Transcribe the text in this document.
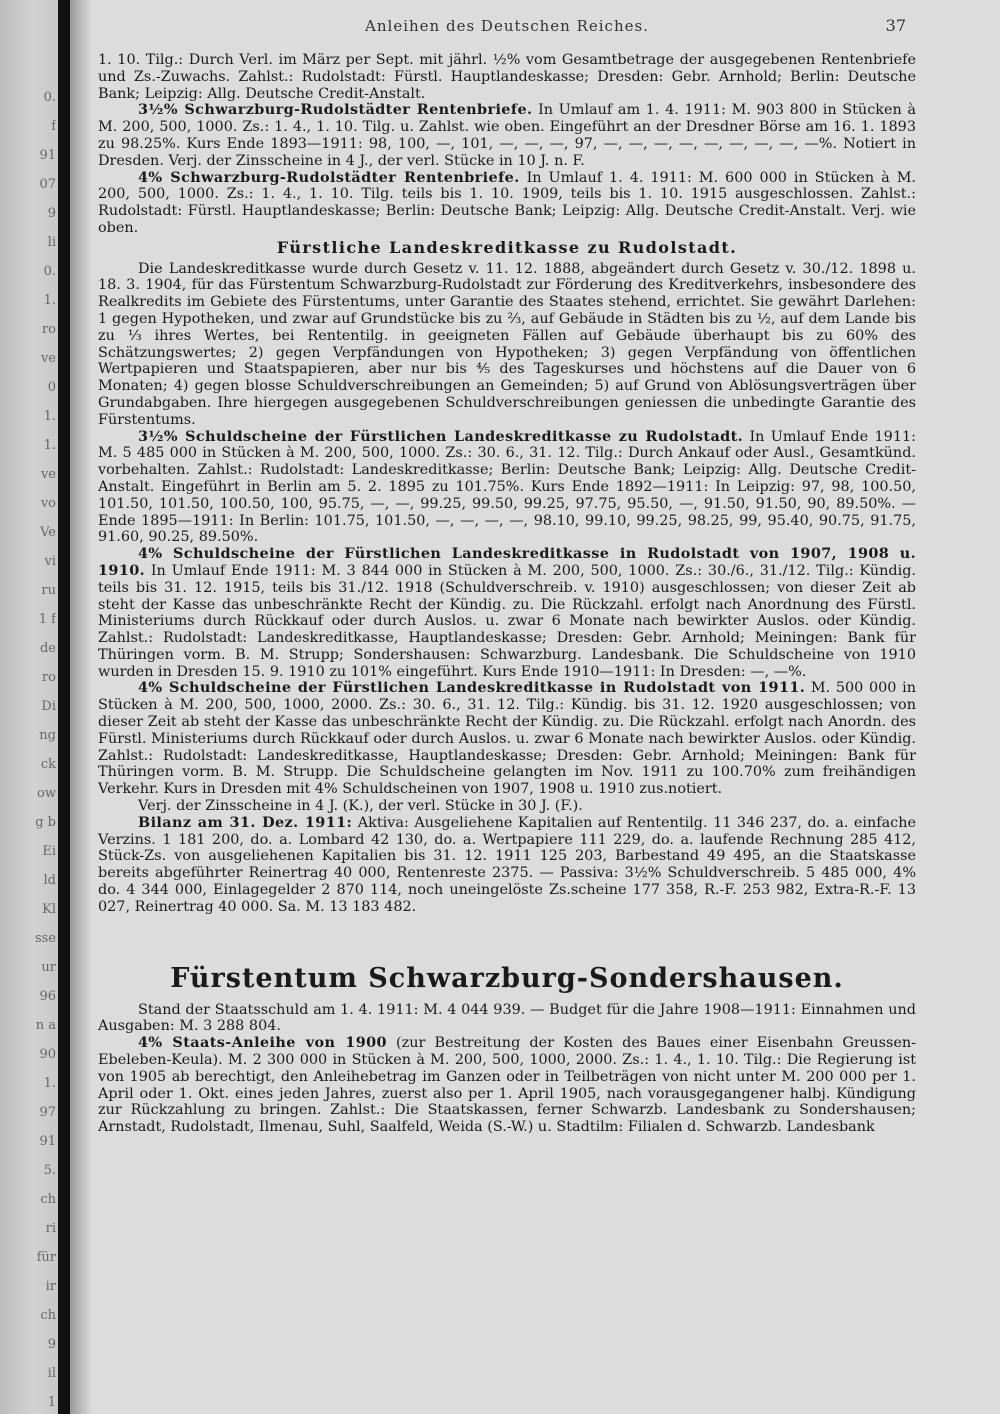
0.
f
91
07
9
li
0.
1.
ro
ve
0
1.
1.
ve
vo
Ve
vi
ru
1 f
de
ro
Di
ng
ck
ow
g b
Ei
ld
Kl
sse
ur
96
n a
90
1.
97
91
5.
ch
ri
für
ir
ch
9
il
1
Anleihen des Deutschen Reiches.	37

1. 10. Tilg.: Durch Verl. im März per Sept. mit jährl. ½% vom Gesamtbetrage der ausgegebenen Rentenbriefe und Zs.-Zuwachs. Zahlst.: Rudolstadt: Fürstl. Hauptlandeskasse; Dresden: Gebr. Arnhold; Berlin: Deutsche Bank; Leipzig: Allg. Deutsche Credit-Anstalt.

3½% Schwarzburg-Rudolstädter Rentenbriefe. In Umlauf am 1. 4. 1911: M. 903 800 in Stücken à M. 200, 500, 1000. Zs.: 1. 4., 1. 10. Tilg. u. Zahlst. wie oben. Eingeführt an der Dresdner Börse am 16. 1. 1893 zu 98.25%. Kurs Ende 1893—1911: 98, 100, —, 101, —, —, —, 97, —, —, —, —, —, —, —, —, —%. Notiert in Dresden. Verj. der Zinsscheine in 4 J., der verl. Stücke in 10 J. n. F.

4% Schwarzburg-Rudolstädter Rentenbriefe. In Umlauf 1. 4. 1911: M. 600 000 in Stücken à M. 200, 500, 1000. Zs.: 1. 4., 1. 10. Tilg. teils bis 1. 10. 1909, teils bis 1. 10. 1915 ausgeschlossen. Zahlst.: Rudolstadt: Fürstl. Hauptlandeskasse; Berlin: Deutsche Bank; Leipzig: Allg. Deutsche Credit-Anstalt. Verj. wie oben.

Fürstliche Landeskreditkasse zu Rudolstadt.

Die Landeskreditkasse wurde durch Gesetz v. 11. 12. 1888, abgeändert durch Gesetz v. 30./12. 1898 u. 18. 3. 1904, für das Fürstentum Schwarzburg-Rudolstadt zur Förderung des Kreditverkehrs, insbesondere des Realkredits im Gebiete des Fürstentums, unter Garantie des Staates stehend, errichtet. Sie gewährt Darlehen: 1 gegen Hypotheken, und zwar auf Grundstücke bis zu ⅔, auf Gebäude in Städten bis zu ½, auf dem Lande bis zu ⅓ ihres Wertes, bei Rententilg. in geeigneten Fällen auf Gebäude überhaupt bis zu 60% des Schätzungswertes; 2) gegen Verpfändungen von Hypotheken; 3) gegen Verpfändung von öffentlichen Wertpapieren und Staatspapieren, aber nur bis ⁴⁄₅ des Tageskurses und höchstens auf die Dauer von 6 Monaten; 4) gegen blosse Schuldverschreibungen an Gemeinden; 5) auf Grund von Ablösungsverträgen über Grundabgaben. Ihre hiergegen ausgegebenen Schuldverschreibungen geniessen die unbedingte Garantie des Fürstentums.

3½% Schuldscheine der Fürstlichen Landeskreditkasse zu Rudolstadt. In Umlauf Ende 1911: M. 5 485 000 in Stücken à M. 200, 500, 1000. Zs.: 30. 6., 31. 12. Tilg.: Durch Ankauf oder Ausl., Gesamtkünd. vorbehalten. Zahlst.: Rudolstadt: Landeskreditkasse; Berlin: Deutsche Bank; Leipzig: Allg. Deutsche Credit-Anstalt. Eingeführt in Berlin am 5. 2. 1895 zu 101.75%. Kurs Ende 1892—1911: In Leipzig: 97, 98, 100.50, 101.50, 101.50, 100.50, 100, 95.75, —, —, 99.25, 99.50, 99.25, 97.75, 95.50, —, 91.50, 91.50, 90, 89.50%. — Ende 1895—1911: In Berlin: 101.75, 101.50, —, —, —, —, 98.10, 99.10, 99.25, 98.25, 99, 95.40, 90.75, 91.75, 91.60, 90.25, 89.50%.

4% Schuldscheine der Fürstlichen Landeskreditkasse in Rudolstadt von 1907, 1908 u. 1910. In Umlauf Ende 1911: M. 3 844 000 in Stücken à M. 200, 500, 1000. Zs.: 30./6., 31./12. Tilg.: Kündig. teils bis 31. 12. 1915, teils bis 31./12. 1918 (Schuldverschreib. v. 1910) ausgeschlossen; von dieser Zeit ab steht der Kasse das unbeschränkte Recht der Kündig. zu. Die Rückzahl. erfolgt nach Anordnung des Fürstl. Ministeriums durch Rückkauf oder durch Auslos. u. zwar 6 Monate nach bewirkter Auslos. oder Kündig. Zahlst.: Rudolstadt: Landeskreditkasse, Hauptlandeskasse; Dresden: Gebr. Arnhold; Meiningen: Bank für Thüringen vorm. B. M. Strupp; Sondershausen: Schwarzburg. Landesbank. Die Schuldscheine von 1910 wurden in Dresden 15. 9. 1910 zu 101% eingeführt. Kurs Ende 1910—1911: In Dresden: —, —%.

4% Schuldscheine der Fürstlichen Landeskreditkasse in Rudolstadt von 1911. M. 500 000 in Stücken à M. 200, 500, 1000, 2000. Zs.: 30. 6., 31. 12. Tilg.: Kündig. bis 31. 12. 1920 ausgeschlossen; von dieser Zeit ab steht der Kasse das unbeschränkte Recht der Kündig. zu. Die Rückzahl. erfolgt nach Anordn. des Fürstl. Ministeriums durch Rückkauf oder durch Auslos. u. zwar 6 Monate nach bewirkter Auslos. oder Kündig. Zahlst.: Rudolstadt: Landeskreditkasse, Hauptlandeskasse; Dresden: Gebr. Arnhold; Meiningen: Bank für Thüringen vorm. B. M. Strupp. Die Schuldscheine gelangten im Nov. 1911 zu 100.70% zum freihändigen Verkehr. Kurs in Dresden mit 4% Schuldscheinen von 1907, 1908 u. 1910 zus.notiert.

Verj. der Zinsscheine in 4 J. (K.), der verl. Stücke in 30 J. (F.).

Bilanz am 31. Dez. 1911: Aktiva: Ausgeliehene Kapitalien auf Rententilg. 11 346 237, do. a. einfache Verzins. 1 181 200, do. a. Lombard 42 130, do. a. Wertpapiere 111 229, do. a. laufende Rechnung 285 412, Stück-Zs. von ausgeliehenen Kapitalien bis 31. 12. 1911 125 203, Barbestand 49 495, an die Staatskasse bereits abgeführter Reinertrag 40 000, Rentenreste 2375. — Passiva: 3½% Schuldverschreib. 5 485 000, 4% do. 4 344 000, Einlagegelder 2 870 114, noch uneingelöste Zs.scheine 177 358, R.-F. 253 982, Extra-R.-F. 13 027, Reinertrag 40 000. Sa. M. 13 183 482.

Fürstentum Schwarzburg-Sondershausen.

Stand der Staatsschuld am 1. 4. 1911: M. 4 044 939. — Budget für die Jahre 1908—1911: Einnahmen und Ausgaben: M. 3 288 804.

4% Staats-Anleihe von 1900 (zur Bestreitung der Kosten des Baues einer Eisenbahn Greussen-Ebeleben-Keula). M. 2 300 000 in Stücken à M. 200, 500, 1000, 2000. Zs.: 1. 4., 1. 10. Tilg.: Die Regierung ist von 1905 ab berechtigt, den Anleihebetrag im Ganzen oder in Teilbeträgen von nicht unter M. 200 000 per 1. April oder 1. Okt. eines jeden Jahres, zuerst also per 1. April 1905, nach vorausgegangener halbj. Kündigung zur Rückzahlung zu bringen. Zahlst.: Die Staatskassen, ferner Schwarzb. Landesbank zu Sondershausen; Arnstadt, Rudolstadt, Ilmenau, Suhl, Saalfeld, Weida (S.-W.) u. Stadtilm: Filialen d. Schwarzb. Landesbank
